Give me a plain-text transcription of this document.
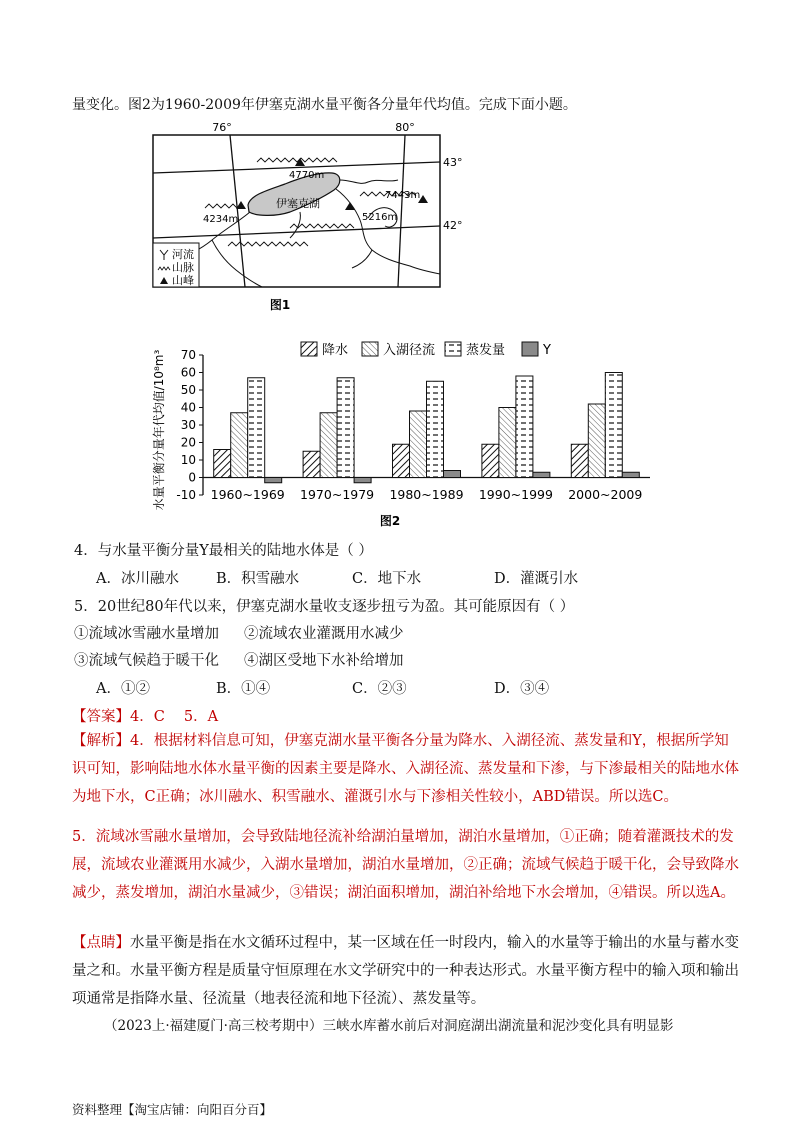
量变化。图2为1960-2009年伊塞克湖水量平衡各分量年代均值。完成下面小题。
76°	80°
43°
42°
伊塞克湖
4770m
4234m
7443m
5216m
河流
山脉
山峰
图1
水量平衡分量年代均值/10⁸m³ -10
0
10
20
30
40
50
60
70	降水	入湖径流 蒸发量	Y
1960~1969 1970~1979 1980~1989 1990~1999 2000~2009
图2
4．与水量平衡分量Y最相关的陆地水体是（ ）
A．冰川融水	B．积雪融水	C．地下水	D．灌溉引水
5．20世纪80年代以来，伊塞克湖水量收支逐步扭亏为盈。其可能原因有（ ）
①流域冰雪融水量增加 ②流域农业灌溉用水减少
③流域气候趋于暖干化 ④湖区受地下水补给增加
A．①②	B．①④	C．②③	D．③④
【答案】4．C　 5．A
【解析】4．根据材料信息可知，伊塞克湖水量平衡各分量为降水、入湖径流、蒸发量和Y，根据所学知识可知，影响陆地水体水量平衡的因素主要是降水、入湖径流、蒸发量和下渗，与下渗最相关的陆地水体为地下水，C正确；冰川融水、积雪融水、灌溉引水与下渗相关性较小，ABD错误。所以选C。
5．流域冰雪融水量增加，会导致陆地径流补给湖泊量增加，湖泊水量增加，①正确；随着灌溉技术的发展，流域农业灌溉用水减少，入湖水量增加，湖泊水量增加，②正确；流域气候趋于暖干化，会导致降水减少，蒸发增加，湖泊水量减少，③错误；湖泊面积增加，湖泊补给地下水会增加，④错误。所以选A。
【点睛】水量平衡是指在水文循环过程中，某一区域在任一时段内，输入的水量等于输出的水量与蓄水变量之和。水量平衡方程是质量守恒原理在水文学研究中的一种表达形式。水量平衡方程中的输入项和输出项通常是指降水量、径流量（地表径流和地下径流）、蒸发量等。
（2023上·福建厦门·高三校考期中）三峡水库蓄水前后对洞庭湖出湖流量和泥沙变化具有明显影
资料整理【淘宝店铺：向阳百分百】
